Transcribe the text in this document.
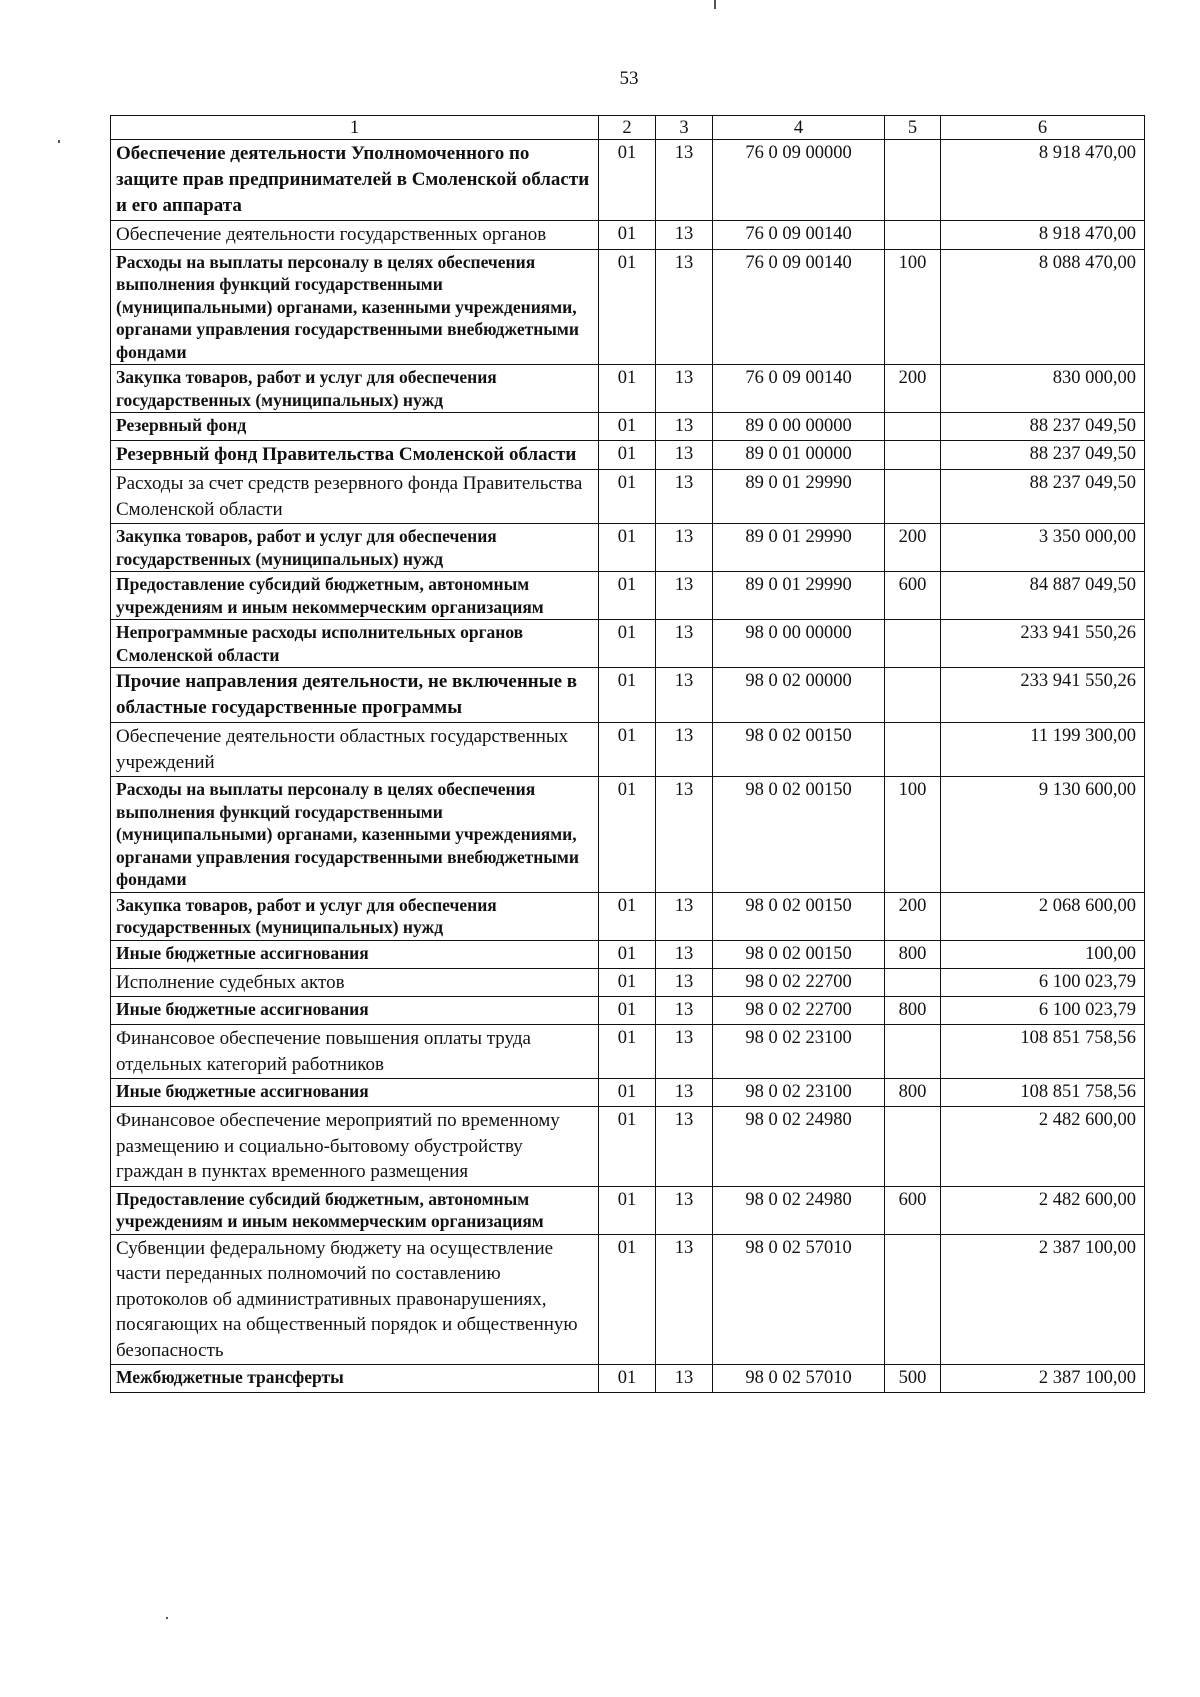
53
1	2	3	4	5	6
Обеспечение деятельности Уполномоченного по защите прав предпринимателей в Смоленской области и его аппарата	01	13	76 0 09 00000		8 918 470,00
Обеспечение деятельности государственных органов	01	13	76 0 09 00140		8 918 470,00
Расходы на выплаты персоналу в целях обеспечения выполнения функций государственными (муниципальными) органами, казенными учреждениями, органами управления государственными внебюджетными фондами	01	13	76 0 09 00140	100	8 088 470,00
Закупка товаров, работ и услуг для обеспечения государственных (муниципальных) нужд	01	13	76 0 09 00140	200	830 000,00
Резервный фонд	01	13	89 0 00 00000		88 237 049,50
Резервный фонд Правительства Смоленской области	01	13	89 0 01 00000		88 237 049,50
Расходы за счет средств резервного фонда Правительства Смоленской области	01	13	89 0 01 29990		88 237 049,50
Закупка товаров, работ и услуг для обеспечения государственных (муниципальных) нужд	01	13	89 0 01 29990	200	3 350 000,00
Предоставление субсидий бюджетным, автономным учреждениям и иным некоммерческим организациям	01	13	89 0 01 29990	600	84 887 049,50
Непрограммные расходы исполнительных органов Смоленской области	01	13	98 0 00 00000		233 941 550,26
Прочие направления деятельности, не включенные в областные государственные программы	01	13	98 0 02 00000		233 941 550,26
Обеспечение деятельности областных государственных учреждений	01	13	98 0 02 00150		11 199 300,00
Расходы на выплаты персоналу в целях обеспечения выполнения функций государственными (муниципальными) органами, казенными учреждениями, органами управления государственными внебюджетными фондами	01	13	98 0 02 00150	100	9 130 600,00
Закупка товаров, работ и услуг для обеспечения государственных (муниципальных) нужд	01	13	98 0 02 00150	200	2 068 600,00
Иные бюджетные ассигнования	01	13	98 0 02 00150	800	100,00
Исполнение судебных актов	01	13	98 0 02 22700		6 100 023,79
Иные бюджетные ассигнования	01	13	98 0 02 22700	800	6 100 023,79
Финансовое обеспечение повышения оплаты труда отдельных категорий работников	01	13	98 0 02 23100		108 851 758,56
Иные бюджетные ассигнования	01	13	98 0 02 23100	800	108 851 758,56
Финансовое обеспечение мероприятий по временному размещению и социально-бытовому обустройству граждан в пунктах временного размещения	01	13	98 0 02 24980		2 482 600,00
Предоставление субсидий бюджетным, автономным учреждениям и иным некоммерческим организациям	01	13	98 0 02 24980	600	2 482 600,00
Субвенции федеральному бюджету на осуществление части переданных полномочий по составлению протоколов об административных правонарушениях, посягающих на общественный порядок и общественную безопасность	01	13	98 0 02 57010		2 387 100,00
Межбюджетные трансферты	01	13	98 0 02 57010	500	2 387 100,00
